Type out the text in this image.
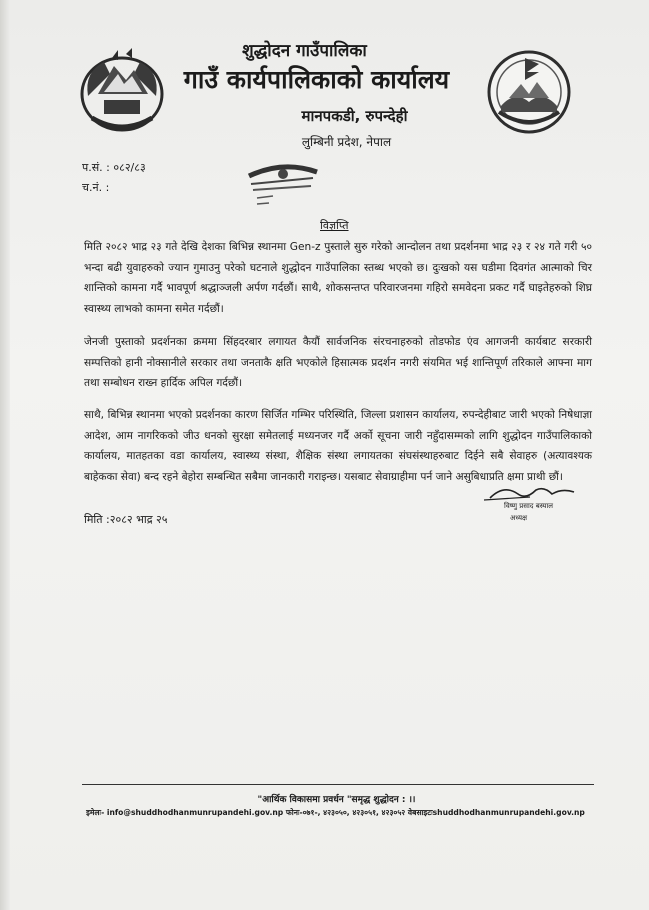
शुद्धोदन गाउँपालिका
गाउँ कार्यपालिकाको कार्यालय
मानपकडी, रुपन्देही
लुम्बिनी प्रदेश, नेपाल
प.सं. : ०८२/८३
च.नं. :
विज्ञप्ति
मिति २०८२ भाद्र २३ गते देखि देशका बिभिन्न स्थानमा Gen-z पुस्ताले सुरु गरेको आन्दोलन तथा प्रदर्शनमा भाद्र २३ र २४ गते गरी ५० भन्दा बढी युवाहरुको ज्यान गुमाउनु परेको घटनाले शुद्धोदन गाउँपालिका स्तब्ध भएको छ। दुःखको यस घडीमा दिवगंत आत्माको चिर शान्तिको कामना गर्दै भावपूर्ण श्रद्धाञ्जली अर्पण गर्दछौं। साथै, शोकसन्तप्त परिवारजनमा गहिरो समवेदना प्रकट गर्दै घाइतेहरुको शिघ्र स्वास्थ्य लाभको कामना समेत गर्दछौं।
जेनजी पुस्ताको प्रदर्शनका क्रममा सिंहदरबार लगायत कैयौं सार्वजनिक संरचनाहरुको तोडफोड एंव आगजनी कार्यबाट सरकारी सम्पत्तिको हानी नोक्सानीले सरकार तथा जनताकै क्षति भएकोले हिसात्मक प्रदर्शन नगरी संयमित भई शान्तिपूर्ण तरिकाले आफ्ना माग तथा सम्बोधन राख्न हार्दिक अपिल गर्दछौं।
साथै, बिभिन्न स्थानमा भएको प्रदर्शनका कारण सिर्जित गम्भिर परिस्थिति, जिल्ला प्रशासन कार्यालय, रुपन्देहीबाट जारी भएको निषेधाज्ञा आदेश, आम नागरिकको जीउ धनको सुरक्षा समेतलाई मध्यनजर गर्दै अर्को सूचना जारी नहुँदासम्मको लागि शुद्धोदन गाउँपालिकाको कार्यालय, मातहतका वडा कार्यालय, स्वास्थ्य संस्था, शैक्षिक संस्था लगायतका संघसंस्थाहरुबाट दिईने सबै सेवाहरु (अत्यावश्यक बाहेकका सेवा) बन्द रहने बेहोरा सम्बन्धित सबैमा जानकारी गराइन्छ। यसबाट सेवाग्राहीमा पर्न जाने असुबिधाप्रति क्षमा प्राथी छौं।
मिति :२०८२ भाद्र २५
विष्णु प्रसाद बस्याल
अध्यक्ष
"आर्थिक विकासमा प्रवर्धन "समृद्ध शुद्धोदन : ।।
इमेलः- info@shuddhodhanmunrupandehi.gov.np फोनः-०७१-, ४२३०५०, ४२३०५१, ४२३०५२ वेबसाइटःshuddhodhanmunrupandehi.gov.np
